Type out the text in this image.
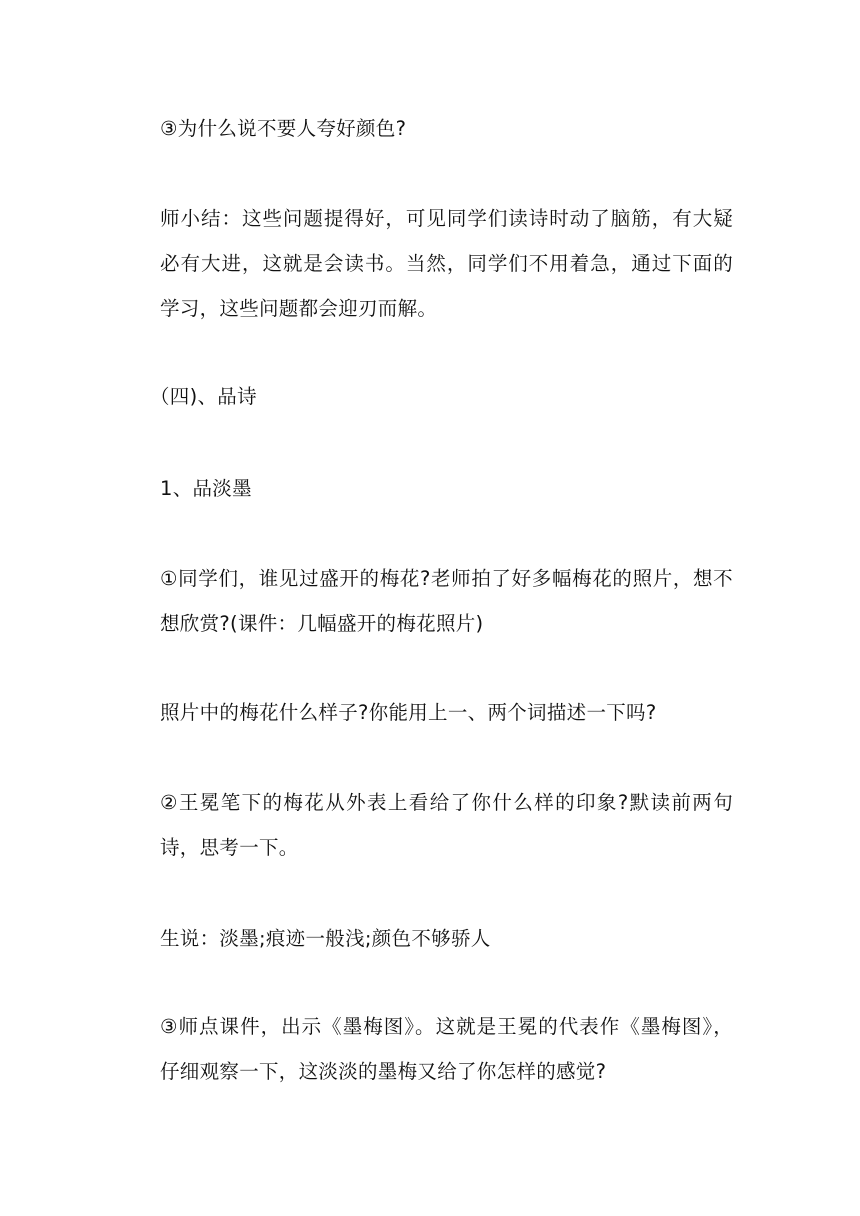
③为什么说不要人夸好颜色?

师小结：这些问题提得好，可见同学们读诗时动了脑筋，有大疑
必有大进，这就是会读书。当然，同学们不用着急，通过下面的
学习，这些问题都会迎刃而解。

（四)、品诗

1、品淡墨

①同学们，谁见过盛开的梅花?老师拍了好多幅梅花的照片，想不
想欣赏?(课件：几幅盛开的梅花照片)

照片中的梅花什么样子?你能用上一、两个词描述一下吗?

②王冕笔下的梅花从外表上看给了你什么样的印象?默读前两句
诗，思考一下。

生说：淡墨;痕迹一般浅;颜色不够骄人

③师点课件，出示《墨梅图》。这就是王冕的代表作《墨梅图》，
仔细观察一下，这淡淡的墨梅又给了你怎样的感觉?
